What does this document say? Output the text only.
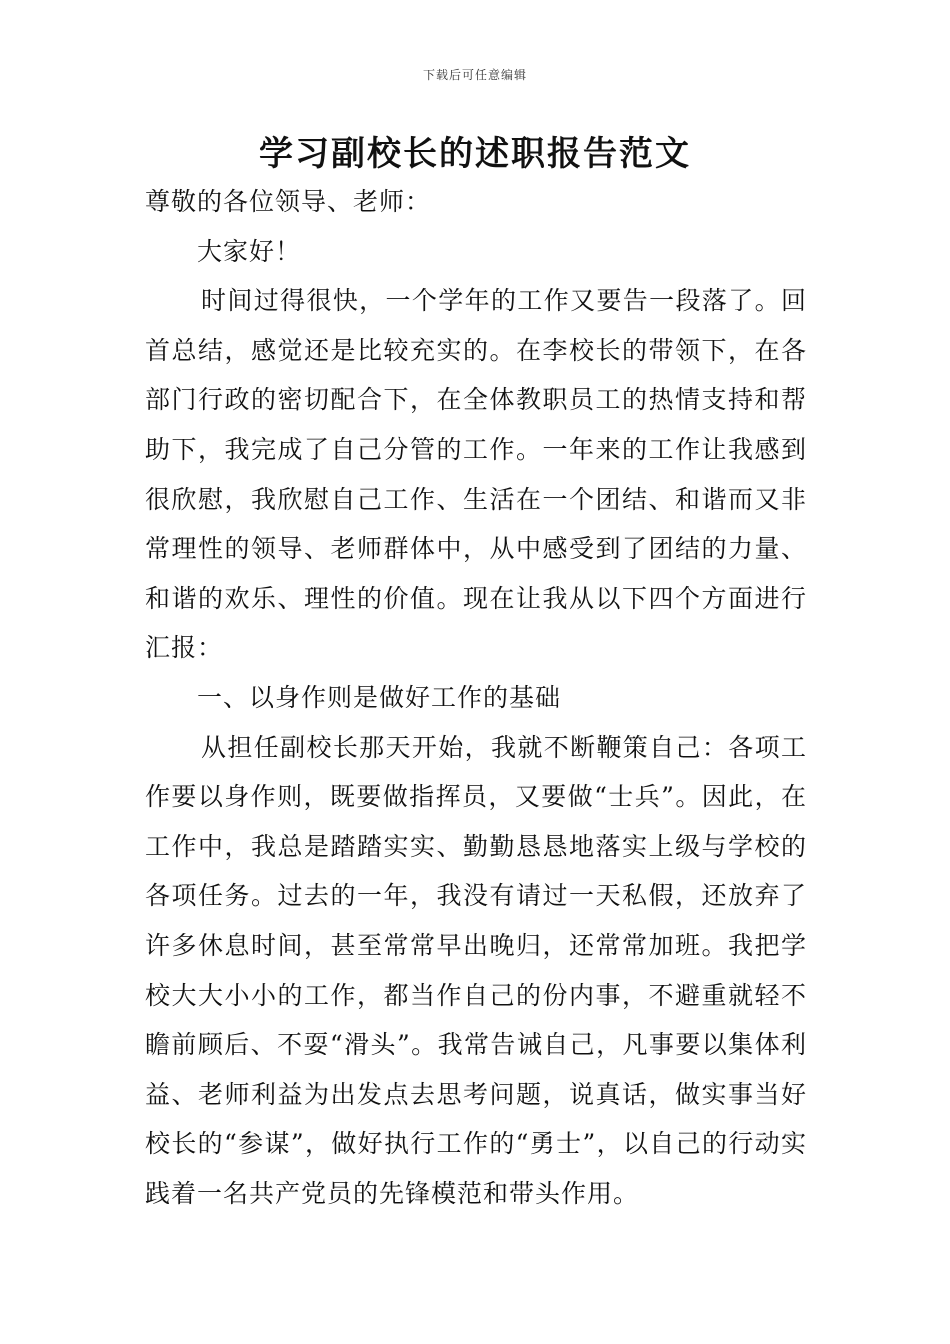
下载后可任意编辑
学习副校长的述职报告范文

尊敬的各位领导、老师：

大家好！

时间过得很快，一个学年的工作又要告一段落了。回首总结，感觉还是比较充实的。在李校长的带领下，在各部门行政的密切配合下，在全体教职员工的热情支持和帮助下，我完成了自己分管的工作。一年来的工作让我感到很欣慰，我欣慰自己工作、生活在一个团结、和谐而又非常理性的领导、老师群体中，从中感受到了团结的力量、和谐的欢乐、理性的价值。现在让我从以下四个方面进行汇报：

一、以身作则是做好工作的基础

从担任副校长那天开始，我就不断鞭策自己：各项工作要以身作则，既要做指挥员，又要做“士兵”。因此，在工作中，我总是踏踏实实、勤勤恳恳地落实上级与学校的各项任务。过去的一年，我没有请过一天私假，还放弃了许多休息时间，甚至常常早出晚归，还常常加班。我把学校大大小小的工作，都当作自己的份内事，不避重就轻不瞻前顾后、不耍“滑头”。我常告诫自己，凡事要以集体利益、老师利益为出发点去思考问题，说真话，做实事当好校长的“参谋”，做好执行工作的“勇士”，以自己的行动实践着一名共产党员的先锋模范和带头作用。
